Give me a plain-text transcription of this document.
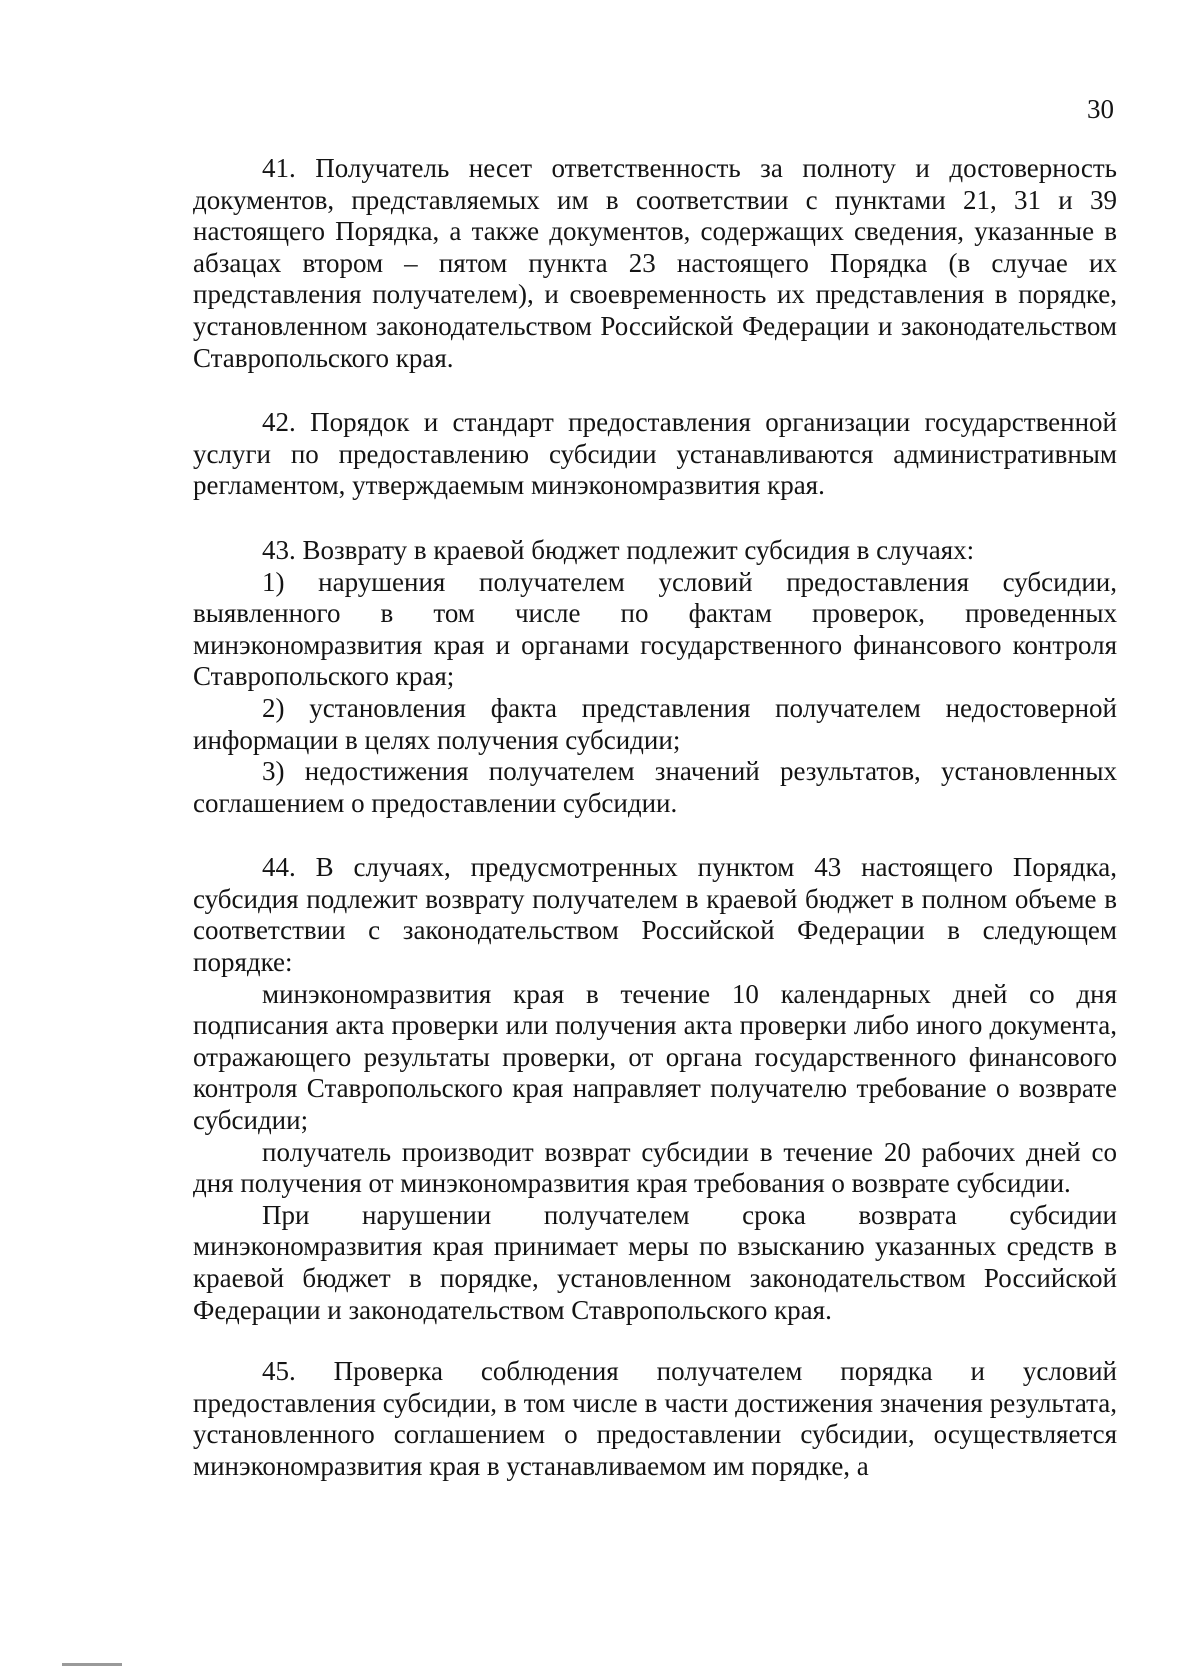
30

41. Получатель несет ответственность за полноту и достоверность документов, представляемых им в соответствии с пунктами 21, 31 и 39 настоящего Порядка, а также документов, содержащих сведения, указанные в абзацах втором – пятом пункта 23 настоящего Порядка (в случае их представления получателем), и своевременность их представления в порядке, установленном законодательством Российской Федерации и законодательством Ставропольского края.

42. Порядок и стандарт предоставления организации государственной услуги по предоставлению субсидии устанавливаются административным регламентом, утверждаемым минэкономразвития края.

43. Возврату в краевой бюджет подлежит субсидия в случаях:

1) нарушения получателем условий предоставления субсидии, выявленного в том числе по фактам проверок, проведенных минэкономразвития края и органами государственного финансового контроля Ставропольского края;

2) установления факта представления получателем недостоверной информации в целях получения субсидии;

3) недостижения получателем значений результатов, установленных соглашением о предоставлении субсидии.

44. В случаях, предусмотренных пунктом 43 настоящего Порядка, субсидия подлежит возврату получателем в краевой бюджет в полном объеме в соответствии с законодательством Российской Федерации в следующем порядке:

минэкономразвития края в течение 10 календарных дней со дня подписания акта проверки или получения акта проверки либо иного документа, отражающего результаты проверки, от органа государственного финансового контроля Ставропольского края направляет получателю требование о возврате субсидии;

получатель производит возврат субсидии в течение 20 рабочих дней со дня получения от минэкономразвития края требования о возврате субсидии.

При нарушении получателем срока возврата субсидии минэкономразвития края принимает меры по взысканию указанных средств в краевой бюджет в порядке, установленном законодательством Российской Федерации и законодательством Ставропольского края.

45. Проверка соблюдения получателем порядка и условий предоставления субсидии, в том числе в части достижения значения результата, установленного соглашением о предоставлении субсидии, осуществляется минэкономразвития края в устанавливаемом им порядке, а
